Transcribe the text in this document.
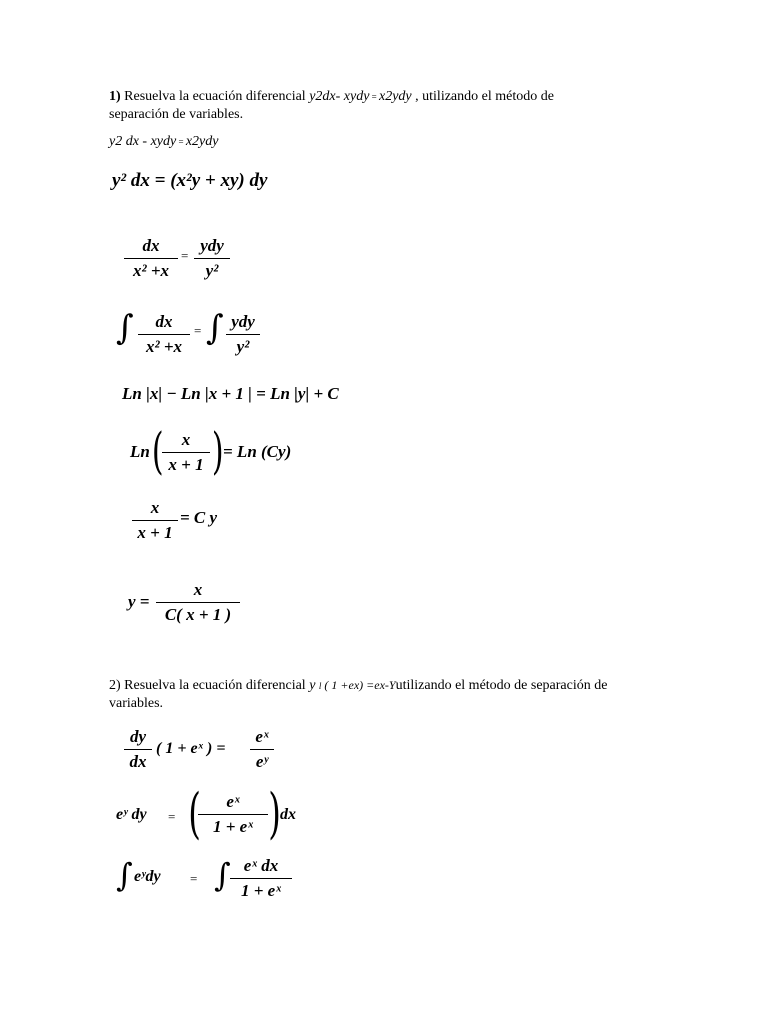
1) Resuelva la ecuación diferencial y2dx- xydy = x2ydy , utilizando el método de separación de variables.
y2 dx - xydy = x2ydy
y² dx = (x²y + xy) dy
dx
x² +x
=
ydy
y²
∫	dx
x² +x
= ∫ ydy
y²
Ln |x| − Ln |x + 1 | = Ln |y| + C
Ln (	x
x + 1 ) = Ln (Cy)
x
x + 1
= C y
y =
x
C( x + 1 )
2) Resuelva la ecuación diferencial y l ( 1 +ex) =ex-Yutilizando el método de separación de variables.
dy
dx
( 1 + eˣ ) =
eˣ
eʸ
eʸ dy = (	eˣ
1 + eˣ ) dx
∫ eʸdy = ∫ eˣ dx
1 + eˣ
